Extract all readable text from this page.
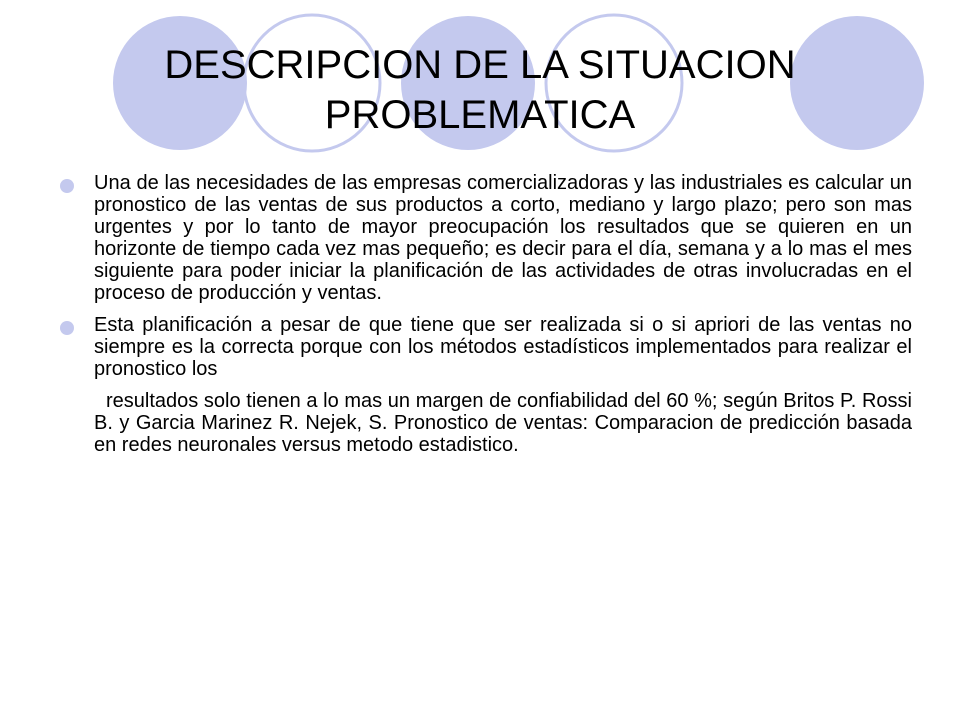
DESCRIPCION DE LA SITUACION
PROBLEMATICA

Una de las necesidades de las empresas comercializadoras y las industriales es calcular un pronostico de las ventas de sus productos a corto, mediano y largo plazo; pero son mas urgentes y por lo tanto de mayor preocupación los resultados que se quieren en un horizonte de tiempo cada vez mas pequeño; es decir para el día, semana y a lo mas el mes siguiente para poder iniciar la planificación de las actividades de otras involucradas en el proceso de producción y ventas.

Esta planificación a pesar de que tiene que ser realizada si o si apriori de las ventas no siempre es la correcta porque con los métodos estadísticos implementados para realizar el pronostico los

resultados solo tienen a lo mas un margen de confiabilidad del 60 %; según Britos P. Rossi B. y Garcia Marinez R. Nejek, S. Pronostico de ventas: Comparacion de predicción basada en redes neuronales versus metodo estadistico.
